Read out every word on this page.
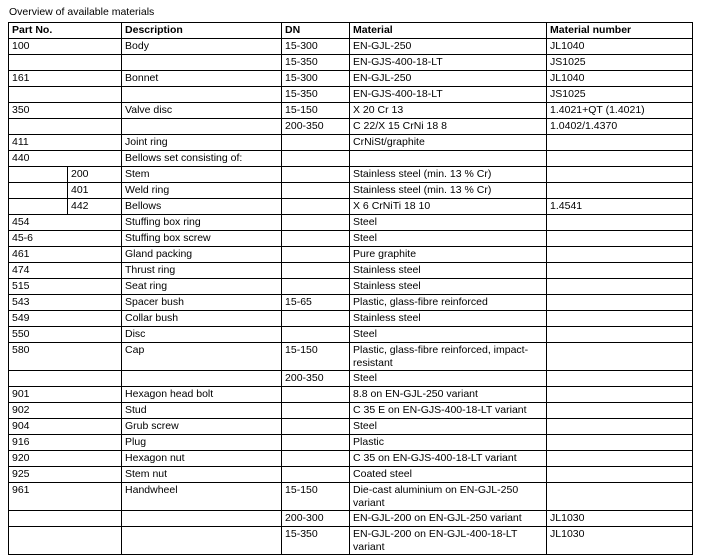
Overview of available materials
Part No.		Description	DN	Material	Material number
100		Body	15-300	EN-GJL-250	JL1040
			15-350	EN-GJS-400-18-LT	JS1025
161		Bonnet	15-300	EN-GJL-250	JL1040
			15-350	EN-GJS-400-18-LT	JS1025
350		Valve disc	15-150	X 20 Cr 13	1.4021+QT (1.4021)
			200-350	C 22/X 15 CrNi 18 8	1.0402/1.4370
411		Joint ring		CrNiSt/graphite	
440		Bellows set consisting of:			
	200	Stem		Stainless steel (min. 13 % Cr)	
	401	Weld ring		Stainless steel (min. 13 % Cr)	
	442	Bellows		X 6 CrNiTi 18 10	1.4541
454		Stuffing box ring		Steel	
45-6		Stuffing box screw		Steel	
461		Gland packing		Pure graphite	
474		Thrust ring		Stainless steel	
515		Seat ring		Stainless steel	
543		Spacer bush	15-65	Plastic, glass-fibre reinforced	
549		Collar bush		Stainless steel	
550		Disc		Steel	
580		Cap	15-150	Plastic, glass-fibre reinforced, impact-resistant	
			200-350	Steel	
901		Hexagon head bolt		8.8 on EN-GJL-250 variant	
902		Stud		C 35 E on EN-GJS-400-18-LT variant	
904		Grub screw		Steel	
916		Plug		Plastic	
920		Hexagon nut		C 35 on EN-GJS-400-18-LT variant	
925		Stem nut		Coated steel	
961		Handwheel	15-150	Die-cast aluminium on EN-GJL-250 variant	
			200-300	EN-GJL-200 on EN-GJL-250 variant	JL1030
			15-350	EN-GJL-200 on EN-GJL-400-18-LT variant	JL1030
